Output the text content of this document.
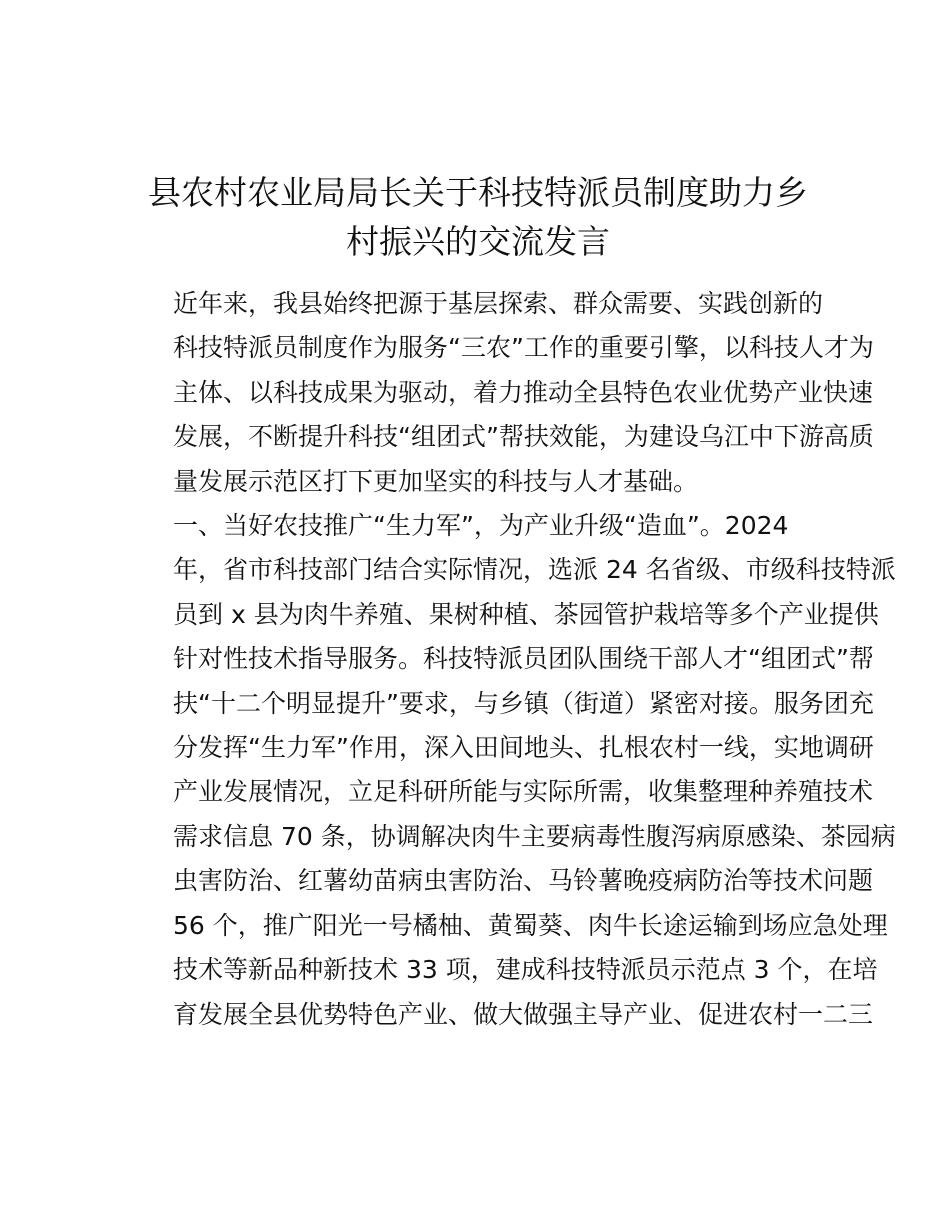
县农村农业局局长关于科技特派员制度助力乡
村振兴的交流发言
近年来，我县始终把源于基层探索、群众需要、实践创新的
科技特派员制度作为服务“三农”工作的重要引擎，以科技人才为
主体、以科技成果为驱动，着力推动全县特色农业优势产业快速
发展，不断提升科技“组团式”帮扶效能，为建设乌江中下游高质
量发展示范区打下更加坚实的科技与人才基础。
一、当好农技推广“生力军”，为产业升级“造血”。2024
年，省市科技部门结合实际情况，选派 24 名省级、市级科技特派
员到 x 县为肉牛养殖、果树种植、茶园管护栽培等多个产业提供
针对性技术指导服务。科技特派员团队围绕干部人才“组团式”帮
扶“十二个明显提升”要求，与乡镇（街道）紧密对接。服务团充
分发挥“生力军”作用，深入田间地头、扎根农村一线，实地调研
产业发展情况，立足科研所能与实际所需，收集整理种养殖技术
需求信息 70 条，协调解决肉牛主要病毒性腹泻病原感染、茶园病
虫害防治、红薯幼苗病虫害防治、马铃薯晚疫病防治等技术问题
56 个，推广阳光一号橘柚、黄蜀葵、肉牛长途运输到场应急处理
技术等新品种新技术 33 项，建成科技特派员示范点 3 个，在培
育发展全县优势特色产业、做大做强主导产业、促进农村一二三
